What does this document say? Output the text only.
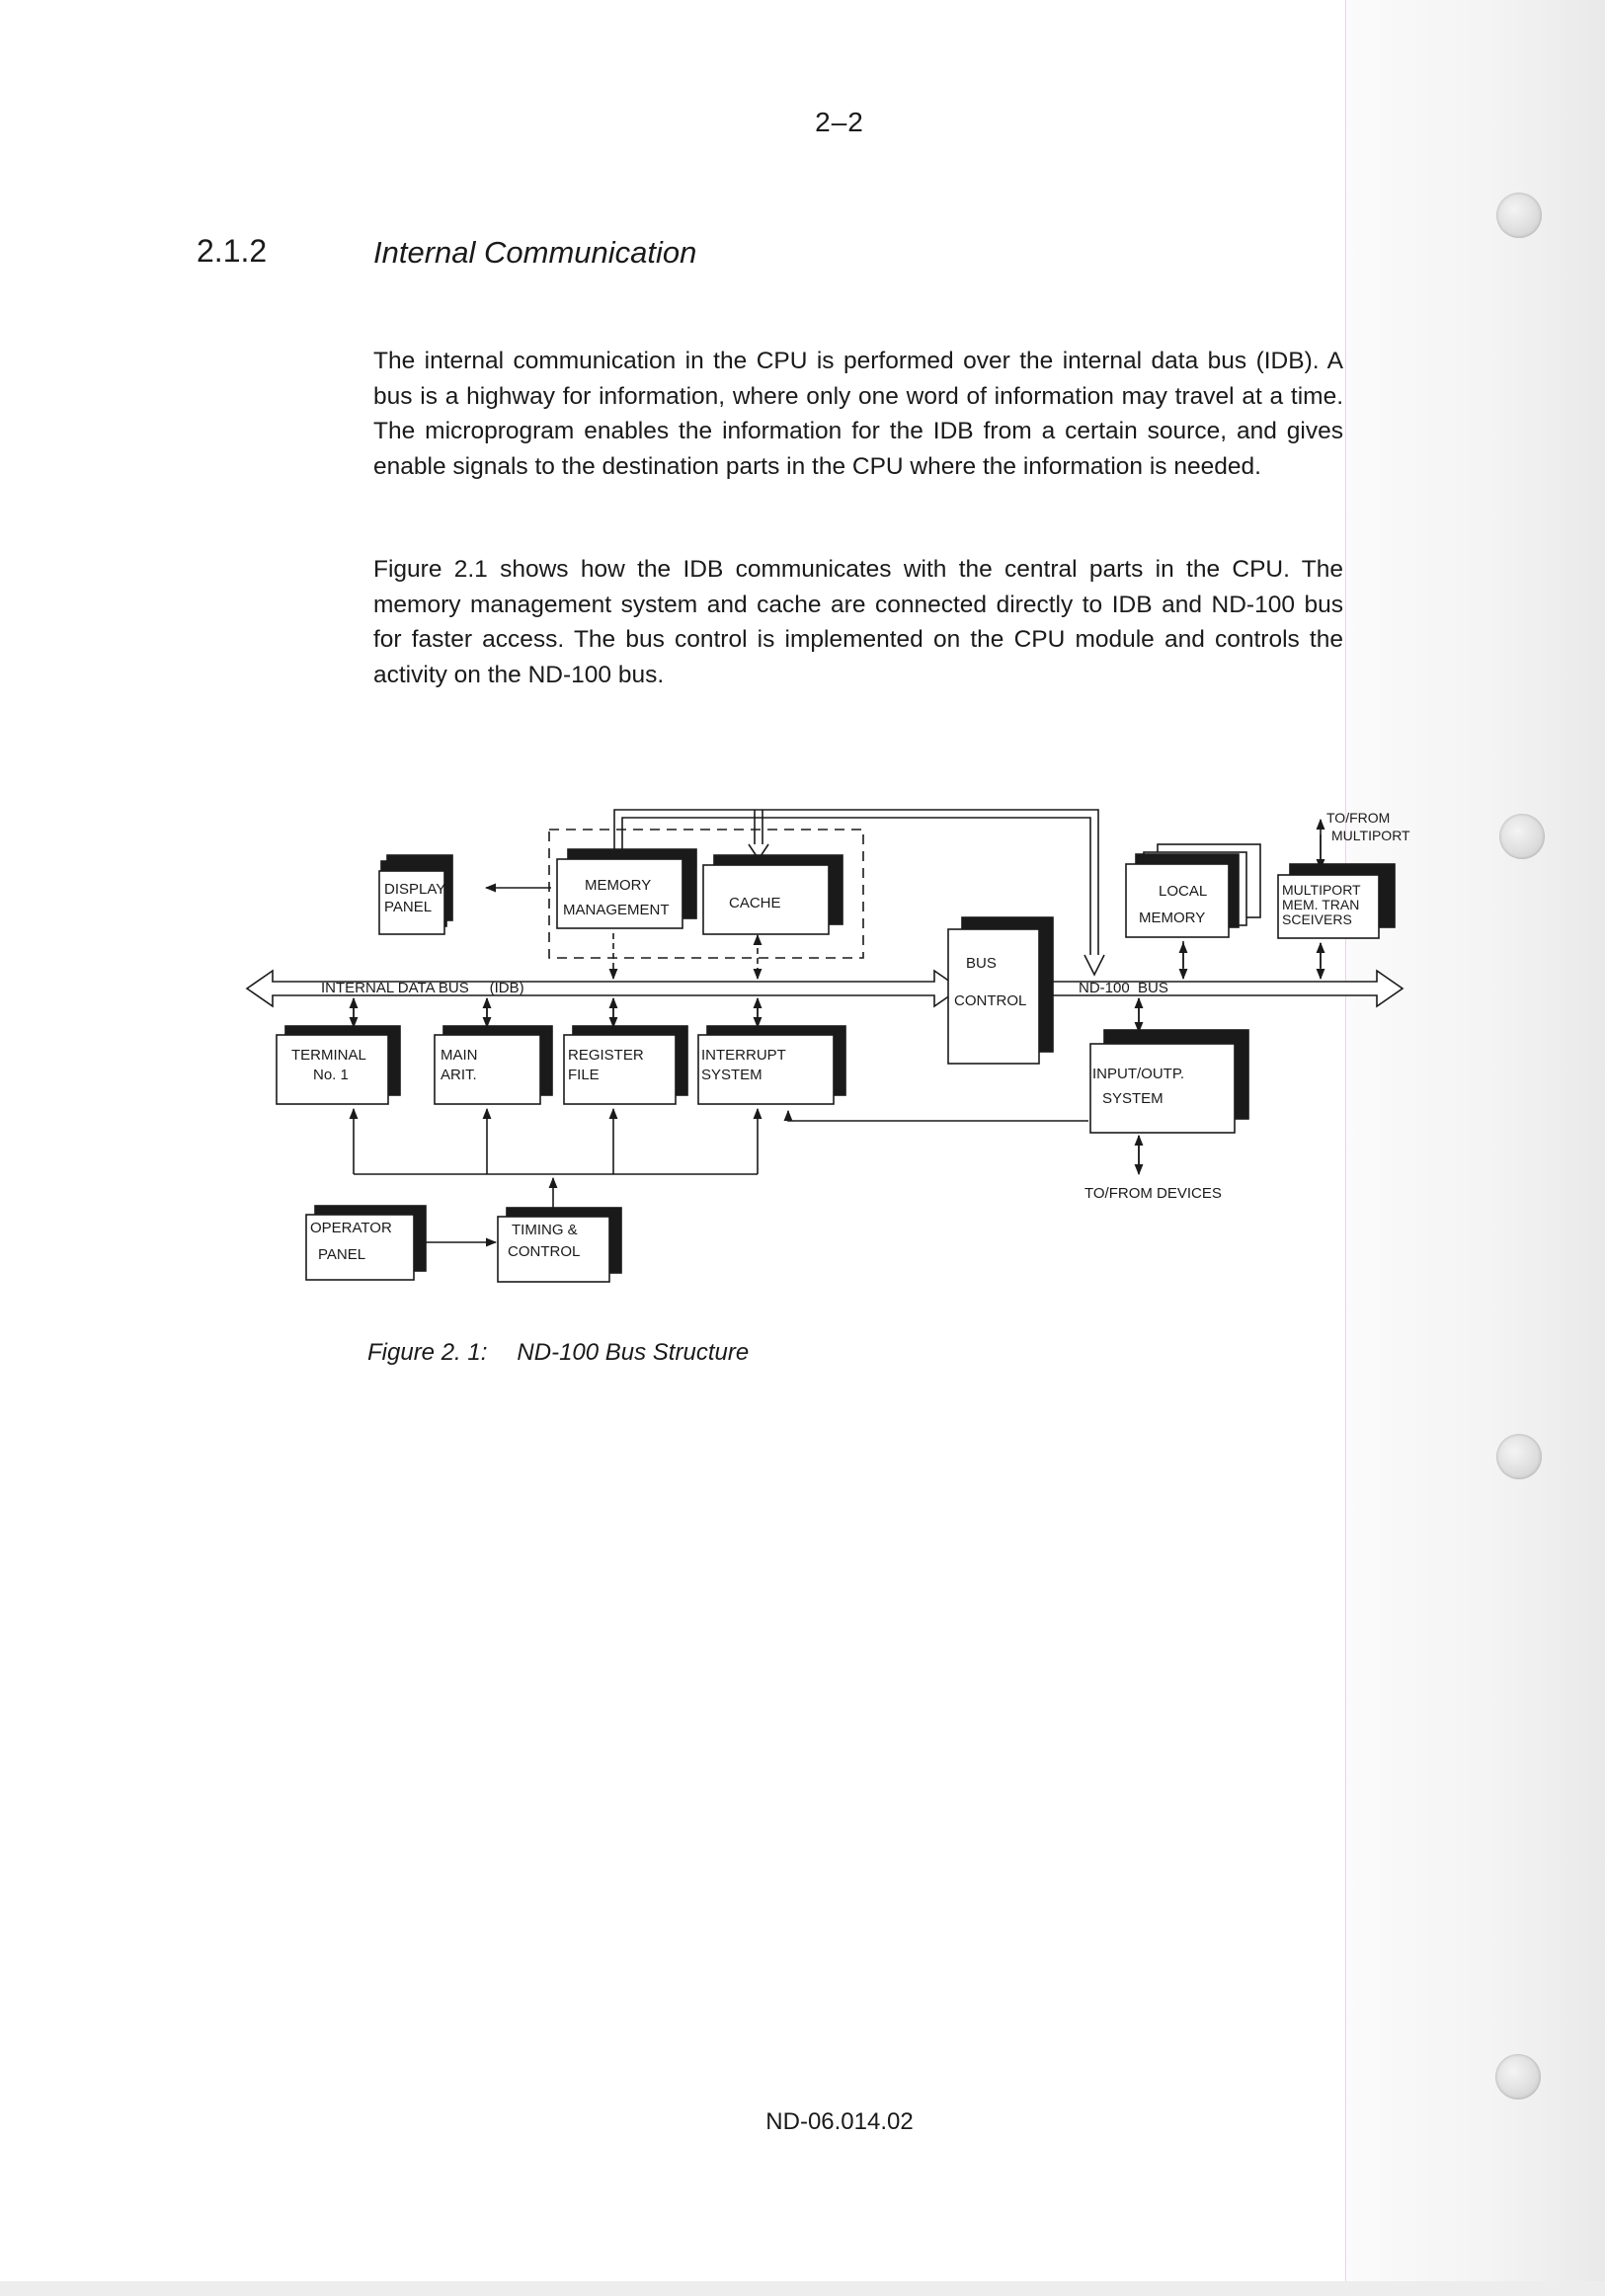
2–2
2.1.2	Internal Communication

The internal communication in the CPU is performed over the internal data bus (IDB). A bus is a highway for information, where only one word of information may travel at a time. The microprogram enables the information for the IDB from a certain source, and gives enable signals to the destination parts in the CPU where the information is needed.

Figure 2.1 shows how the IDB communicates with the central parts in the CPU. The memory management system and cache are connected directly to IDB and ND-100 bus for faster access. The bus control is implemented on the CPU module and controls the activity on the ND-100 bus.

DISPLAY
PANEL
MEMORY
MANAGEMENT	CACHE
BUS
CONTROL
LOCAL
MEMORY
MULTIPORT
MEM. TRAN
SCEIVERS
TO/FROM
MULTIPORT
INTERNAL DATA BUS     (IDB)	ND-100  BUS
TERMINAL
No. 1
MAIN
ARIT.
REGISTER
FILE
INTERRUPT
SYSTEM	INPUT/OUTP.
SYSTEM
TO/FROM DEVICES
OPERATOR
PANEL
TIMING &
CONTROL
Figure 2. 1: ND-100 Bus Structure
ND-06.014.02
